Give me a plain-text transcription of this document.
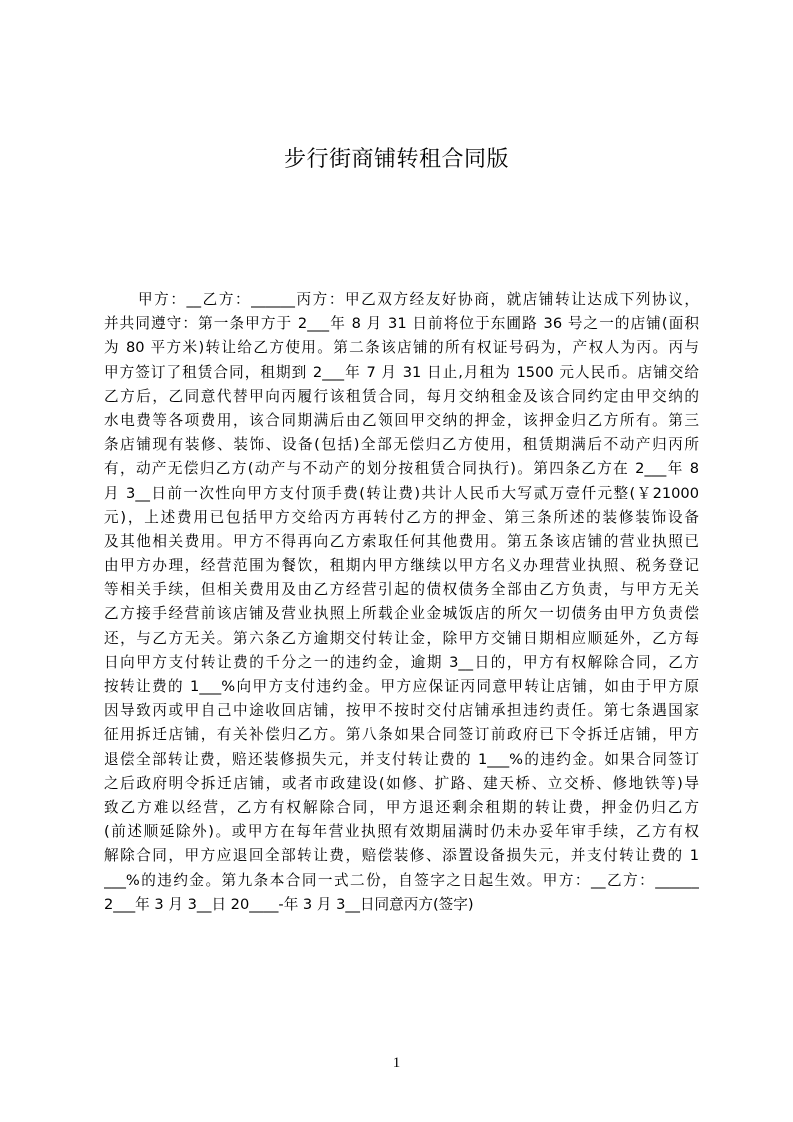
步行街商铺转租合同版
甲方：__乙方：______丙方：甲乙双方经友好协商，就店铺转让达成下列协议，
并共同遵守：第一条甲方于 2___年 8 月 31 日前将位于东圃路 36 号之一的店铺(面积
为 80 平方米)转让给乙方使用。第二条该店铺的所有权证号码为，产权人为丙。丙与
甲方签订了租赁合同，租期到 2___年 7 月 31 日止,月租为 1500 元人民币。店铺交给
乙方后，乙同意代替甲向丙履行该租赁合同，每月交纳租金及该合同约定由甲交纳的
水电费等各项费用，该合同期满后由乙领回甲交纳的押金，该押金归乙方所有。第三
条店铺现有装修、装饰、设备(包括)全部无偿归乙方使用，租赁期满后不动产归丙所
有，动产无偿归乙方(动产与不动产的划分按租赁合同执行)。第四条乙方在 2___年 8
月 3__日前一次性向甲方支付顶手费(转让费)共计人民币大写贰万壹仟元整(￥21000
元)，上述费用已包括甲方交给丙方再转付乙方的押金、第三条所述的装修装饰设备
及其他相关费用。甲方不得再向乙方索取任何其他费用。第五条该店铺的营业执照已
由甲方办理，经营范围为餐饮，租期内甲方继续以甲方名义办理营业执照、税务登记
等相关手续，但相关费用及由乙方经营引起的债权债务全部由乙方负责，与甲方无关
乙方接手经营前该店铺及营业执照上所载企业金城饭店的所欠一切债务由甲方负责偿
还，与乙方无关。第六条乙方逾期交付转让金，除甲方交铺日期相应顺延外，乙方每
日向甲方支付转让费的千分之一的违约金，逾期 3__日的，甲方有权解除合同，乙方
按转让费的 1___%向甲方支付违约金。甲方应保证丙同意甲转让店铺，如由于甲方原
因导致丙或甲自己中途收回店铺，按甲不按时交付店铺承担违约责任。第七条遇国家
征用拆迁店铺，有关补偿归乙方。第八条如果合同签订前政府已下令拆迁店铺，甲方
退偿全部转让费，赔还装修损失元，并支付转让费的 1___%的违约金。如果合同签订
之后政府明令拆迁店铺，或者市政建设(如修、扩路、建天桥、立交桥、修地铁等)导
致乙方难以经营，乙方有权解除合同，甲方退还剩余租期的转让费，押金仍归乙方
(前述顺延除外)。或甲方在每年营业执照有效期届满时仍未办妥年审手续，乙方有权
解除合同，甲方应退回全部转让费，赔偿装修、添置设备损失元，并支付转让费的 1
___%的违约金。第九条本合同一式二份，自签字之日起生效。甲方：__乙方：______
2___年 3 月 3__日 20____-年 3 月 3__日同意丙方(签字)
1
